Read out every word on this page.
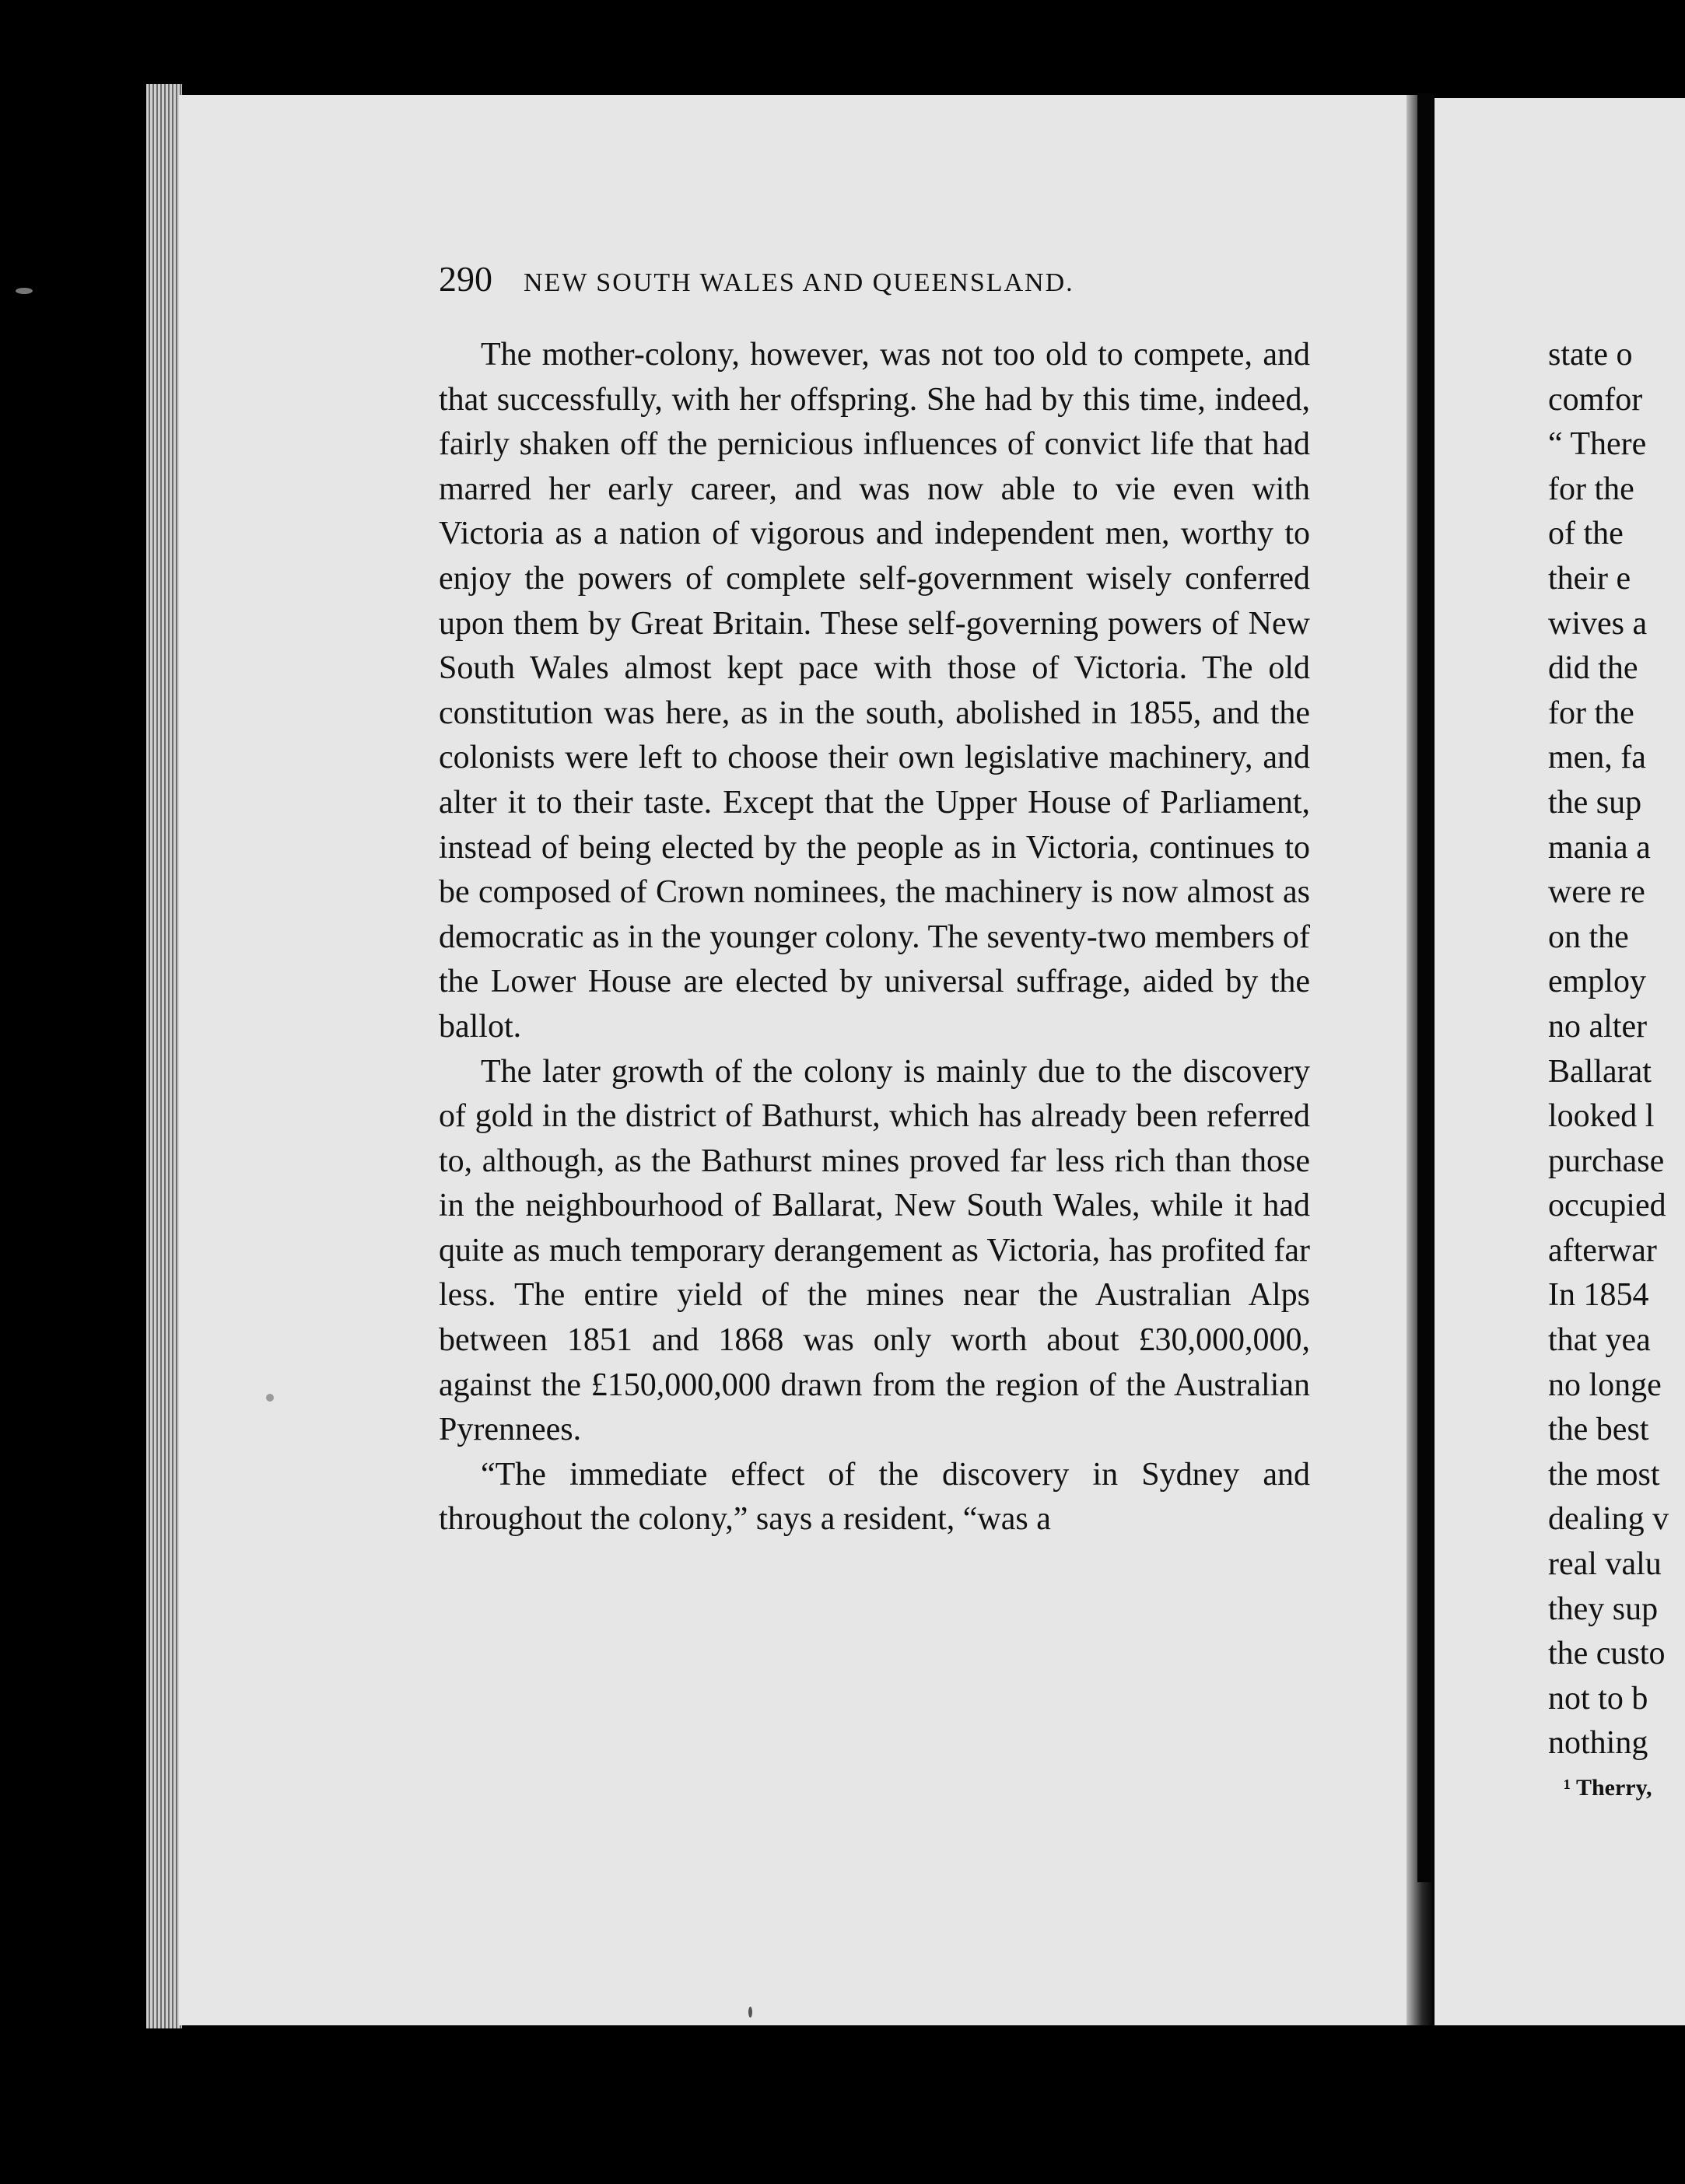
290 NEW SOUTH WALES AND QUEENSLAND.

The mother-colony, however, was not too old to compete, and that successfully, with her offspring. She had by this time, indeed, fairly shaken off the pernicious influences of convict life that had marred her early career, and was now able to vie even with Victoria as a nation of vigorous and independent men, worthy to enjoy the powers of complete self-government wisely conferred upon them by Great Britain. These self-governing powers of New South Wales almost kept pace with those of Victoria. The old constitution was here, as in the south, abolished in 1855, and the colonists were left to choose their own legislative machinery, and alter it to their taste. Except that the Upper House of Parliament, instead of being elected by the people as in Victoria, continues to be composed of Crown nominees, the machinery is now almost as democratic as in the younger colony. The seventy-two members of the Lower House are elected by universal suffrage, aided by the ballot.

The later growth of the colony is mainly due to the discovery of gold in the district of Bathurst, which has already been referred to, although, as the Bathurst mines proved far less rich than those in the neighbourhood of Ballarat, New South Wales, while it had quite as much temporary derangement as Victoria, has profited far less. The entire yield of the mines near the Australian Alps between 1851 and 1868 was only worth about £30,000,000, against the £150,000,000 drawn from the region of the Australian Pyrennees.

“The immediate effect of the discovery in Sydney and throughout the colony,” says a resident, “was a

state o
comfor
“ There
for the
of the
their e
wives a
did the
for the
men, fa
the sup
mania a
were re
on the
employ
no alter
Ballarat
looked l
purchase
occupied
afterwar
In 1854
that yea
no longe
the best
the most
dealing v
real valu
they sup
the custo
not to b
nothing
¹ Therry,
